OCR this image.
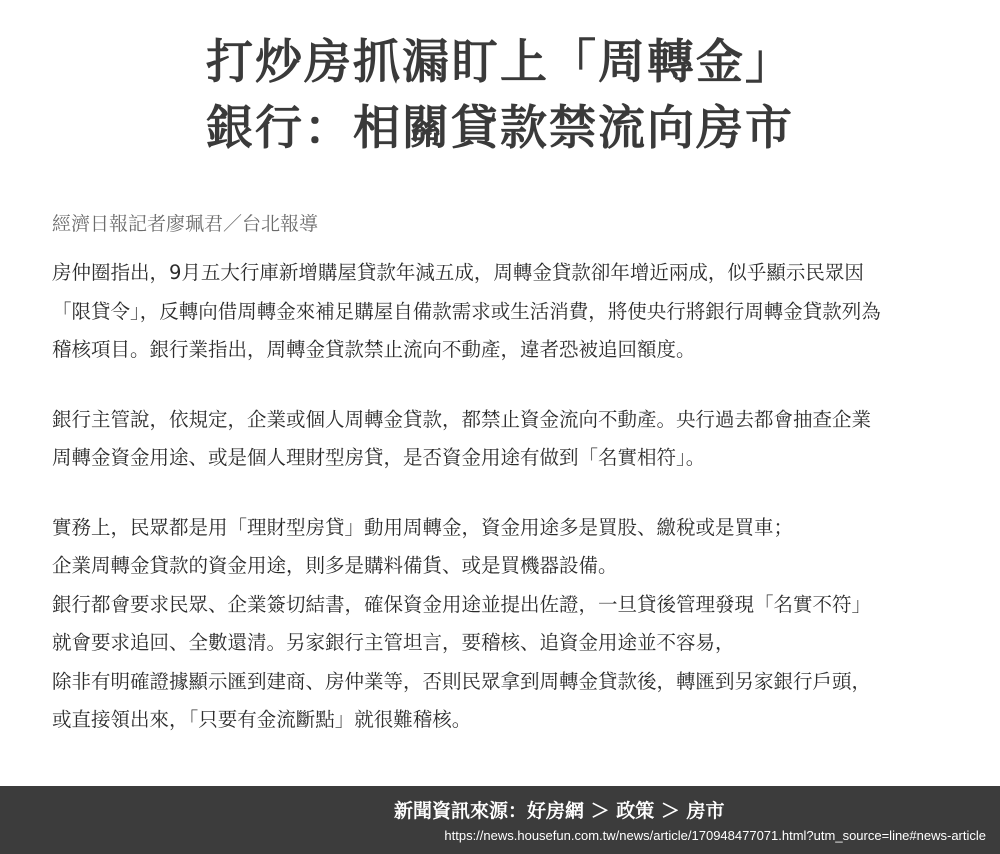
打炒房抓漏盯上「周轉金」
銀行：相關貸款禁流向房市
經濟日報記者廖珮君／台北報導

房仲圈指出，9月五大行庫新增購屋貸款年減五成，周轉金貸款卻年增近兩成，似乎顯示民眾因
「限貸令」，反轉向借周轉金來補足購屋自備款需求或生活消費，將使央行將銀行周轉金貸款列為
稽核項目。銀行業指出，周轉金貸款禁止流向不動產，違者恐被追回額度。

銀行主管說，依規定，企業或個人周轉金貸款，都禁止資金流向不動產。央行過去都會抽查企業
周轉金資金用途、或是個人理財型房貸，是否資金用途有做到「名實相符」。

實務上，民眾都是用「理財型房貸」動用周轉金，資金用途多是買股、繳稅或是買車；
企業周轉金貸款的資金用途，則多是購料備貨、或是買機器設備。
銀行都會要求民眾、企業簽切結書，確保資金用途並提出佐證，一旦貸後管理發現「名實不符」
就會要求追回、全數還清。另家銀行主管坦言，要稽核、追資金用途並不容易，
除非有明確證據顯示匯到建商、房仲業等，否則民眾拿到周轉金貸款後，轉匯到另家銀行戶頭，
或直接領出來，「只要有金流斷點」就很難稽核。

新聞資訊來源：好房網 ＞ 政策 ＞ 房市
https://news.housefun.com.tw/news/article/170948477071.html?utm_source=line#news-article
